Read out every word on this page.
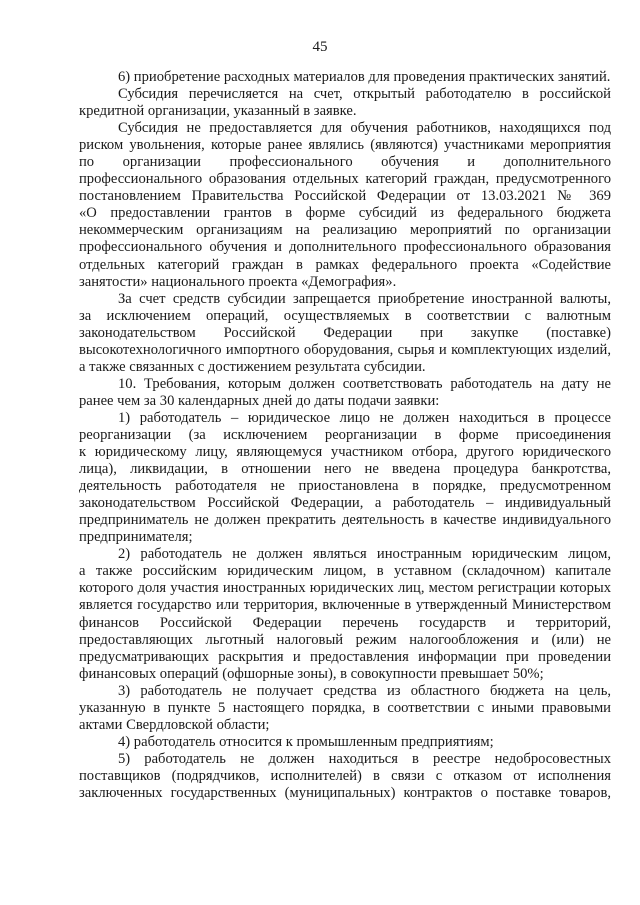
45

6) приобретение расходных материалов для проведения практических занятий.

Субсидия перечисляется на счет, открытый работодателю в российской кредитной организации, указанный в заявке.

Субсидия не предоставляется для обучения работников, находящихся под риском увольнения, которые ранее являлись (являются) участниками мероприятия по организации профессионального обучения и дополнительного профессионального образования отдельных категорий граждан, предусмотренного постановлением Правительства Российской Федерации от 13.03.2021 № 369 «О предоставлении грантов в форме субсидий из федерального бюджета некоммерческим организациям на реализацию мероприятий по организации профессионального обучения и дополнительного профессионального образования отдельных категорий граждан в рамках федерального проекта «Содействие занятости» национального проекта «Демография».

За счет средств субсидии запрещается приобретение иностранной валюты, за исключением операций, осуществляемых в соответствии с валютным законодательством Российской Федерации при закупке (поставке) высокотехнологичного импортного оборудования, сырья и комплектующих изделий, а также связанных с достижением результата субсидии.

10. Требования, которым должен соответствовать работодатель на дату не ранее чем за 30 календарных дней до даты подачи заявки:

1) работодатель – юридическое лицо не должен находиться в процессе реорганизации (за исключением реорганизации в форме присоединения к юридическому лицу, являющемуся участником отбора, другого юридического лица), ликвидации, в отношении него не введена процедура банкротства, деятельность работодателя не приостановлена в порядке, предусмотренном законодательством Российской Федерации, а работодатель – индивидуальный предприниматель не должен прекратить деятельность в качестве индивидуального предпринимателя;

2) работодатель не должен являться иностранным юридическим лицом, а также российским юридическим лицом, в уставном (складочном) капитале которого доля участия иностранных юридических лиц, местом регистрации которых является государство или территория, включенные в утвержденный Министерством финансов Российской Федерации перечень государств и территорий, предоставляющих льготный налоговый режим налогообложения и (или) не предусматривающих раскрытия и предоставления информации при проведении финансовых операций (офшорные зоны), в совокупности превышает 50%;

3) работодатель не получает средства из областного бюджета на цель, указанную в пункте 5 настоящего порядка, в соответствии с иными правовыми актами Свердловской области;

4) работодатель относится к промышленным предприятиям;

5) работодатель не должен находиться в реестре недобросовестных поставщиков (подрядчиков, исполнителей) в связи с отказом от исполнения заключенных государственных (муниципальных) контрактов о поставке товаров,
